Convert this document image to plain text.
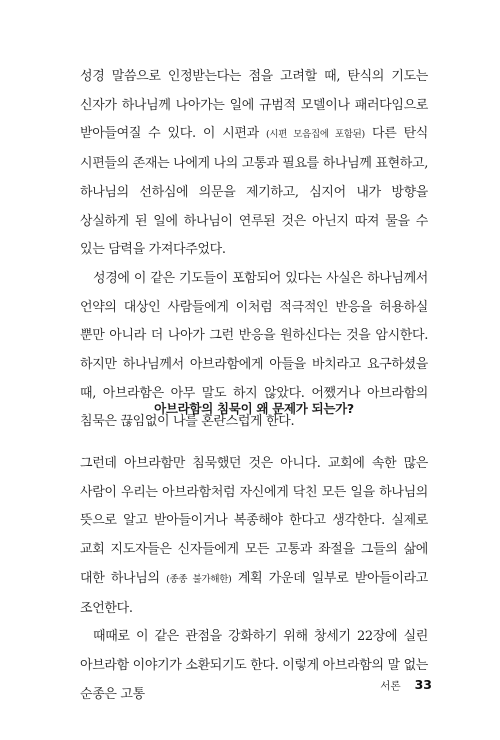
성경 말씀으로 인정받는다는 점을 고려할 때, 탄식의 기도는 신자가 하나님께 나아가는 일에 규범적 모델이나 패러다임으로 받아들여질 수 있다. 이 시편과 (시편 모음집에 포함된) 다른 탄식 시편들의 존재는 나에게 나의 고통과 필요를 하나님께 표현하고, 하나님의 선하심에 의문을 제기하고, 심지어 내가 방향을 상실하게 된 일에 하나님이 연루된 것은 아닌지 따져 물을 수 있는 담력을 가져다주었다.

성경에 이 같은 기도들이 포함되어 있다는 사실은 하나님께서 언약의 대상인 사람들에게 이처럼 적극적인 반응을 허용하실 뿐만 아니라 더 나아가 그런 반응을 원하신다는 것을 암시한다. 하지만 하나님께서 아브라함에게 아들을 바치라고 요구하셨을 때, 아브라함은 아무 말도 하지 않았다. 어쨌거나 아브라함의 침묵은 끊임없이 나를 혼란스럽게 한다.

아브라함의 침묵이 왜 문제가 되는가?

그런데 아브라함만 침묵했던 것은 아니다. 교회에 속한 많은 사람이 우리는 아브라함처럼 자신에게 닥친 모든 일을 하나님의 뜻으로 알고 받아들이거나 복종해야 한다고 생각한다. 실제로 교회 지도자들은 신자들에게 모든 고통과 좌절을 그들의 삶에 대한 하나님의 (종종 불가해한) 계획 가운데 일부로 받아들이라고 조언한다.

때때로 이 같은 관점을 강화하기 위해 창세기 22장에 실린 아브라함 이야기가 소환되기도 한다. 이렇게 아브라함의 말 없는 순종은 고통

서론 33
